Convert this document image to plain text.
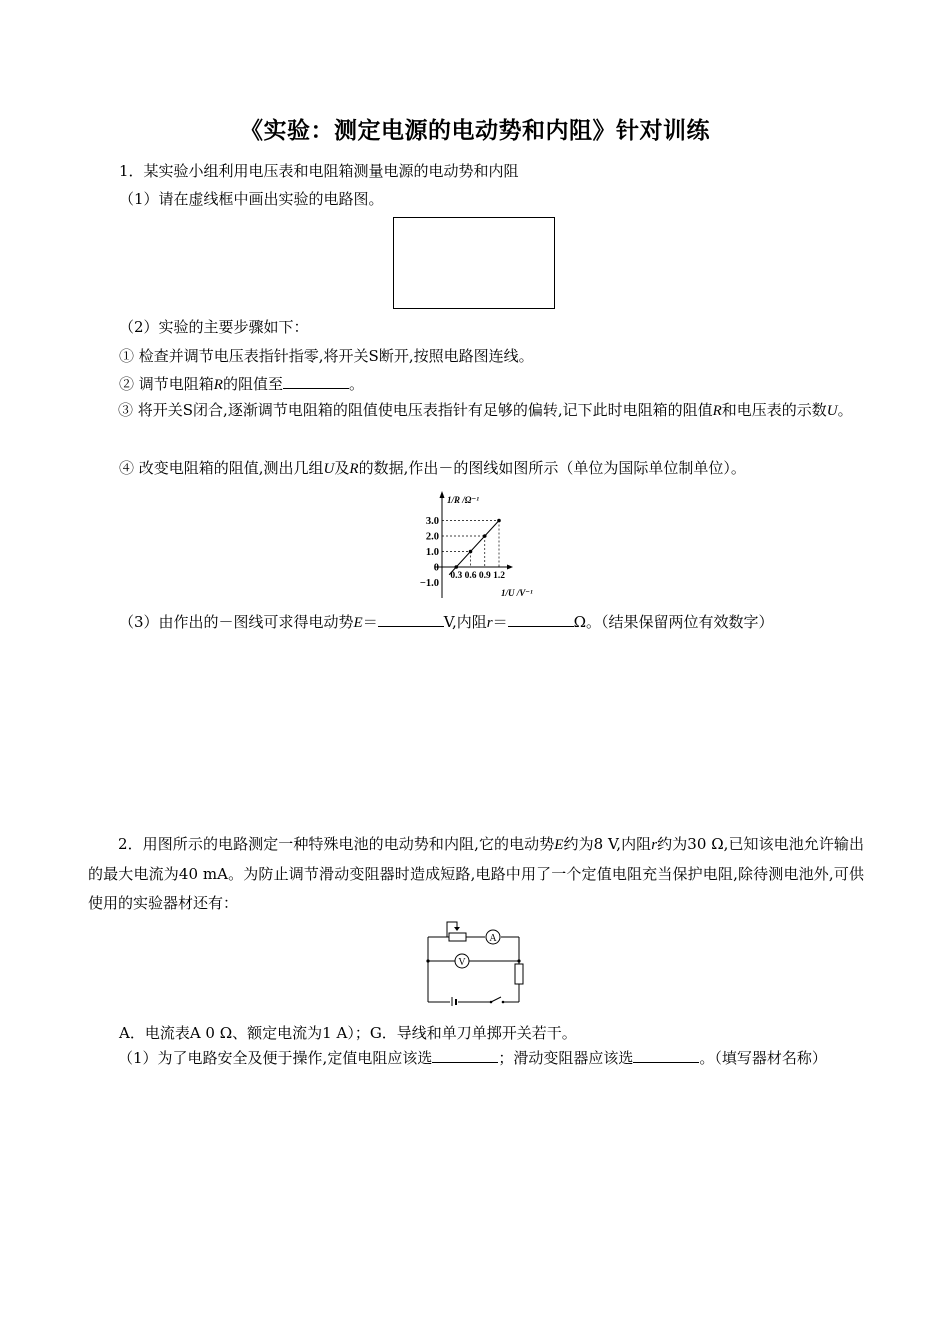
《实验：测定电源的电动势和内阻》针对训练
1．某实验小组利用电压表和电阻箱测量电源的电动势和内阻
（1）请在虚线框中画出实验的电路图。
（2）实验的主要步骤如下：
① 检查并调节电压表指针指零,将开关S断开,按照电路图连线。
② 调节电阻箱R的阻值至	。
③ 将开关S闭合,逐渐调节电阻箱的阻值使电压表指针有足够的偏转,记下此时电阻箱的阻值R和电压表的示数U。
④ 改变电阻箱的阻值,测出几组U及R的数据,作出－的图线如图所示（单位为国际单位制单位）。
3.0
2.0
1.0
0
−1.0
0.3 0.6 0.9 1.2
1/R /Ω⁻¹
1/U /V⁻¹
（3）由作出的－图线可求得电动势E＝	V,内阻r＝	Ω。（结果保留两位有效数字）
2．用图所示的电路测定一种特殊电池的电动势和内阻,它的电动势E约为8 V,内阻r约为30 Ω,已知该电池允许输出的最大电流为40 mA。为防止调节滑动变阻器时造成短路,电路中用了一个定值电阻充当保护电阻,除待测电池外,可供使用的实验器材还有：
A
V
A．电流表A 0 Ω、额定电流为1 A）；G．导线和单刀单掷开关若干。
（1）为了电路安全及便于操作,定值电阻应该选	；滑动变阻器应该选	。（填写器材名称）
